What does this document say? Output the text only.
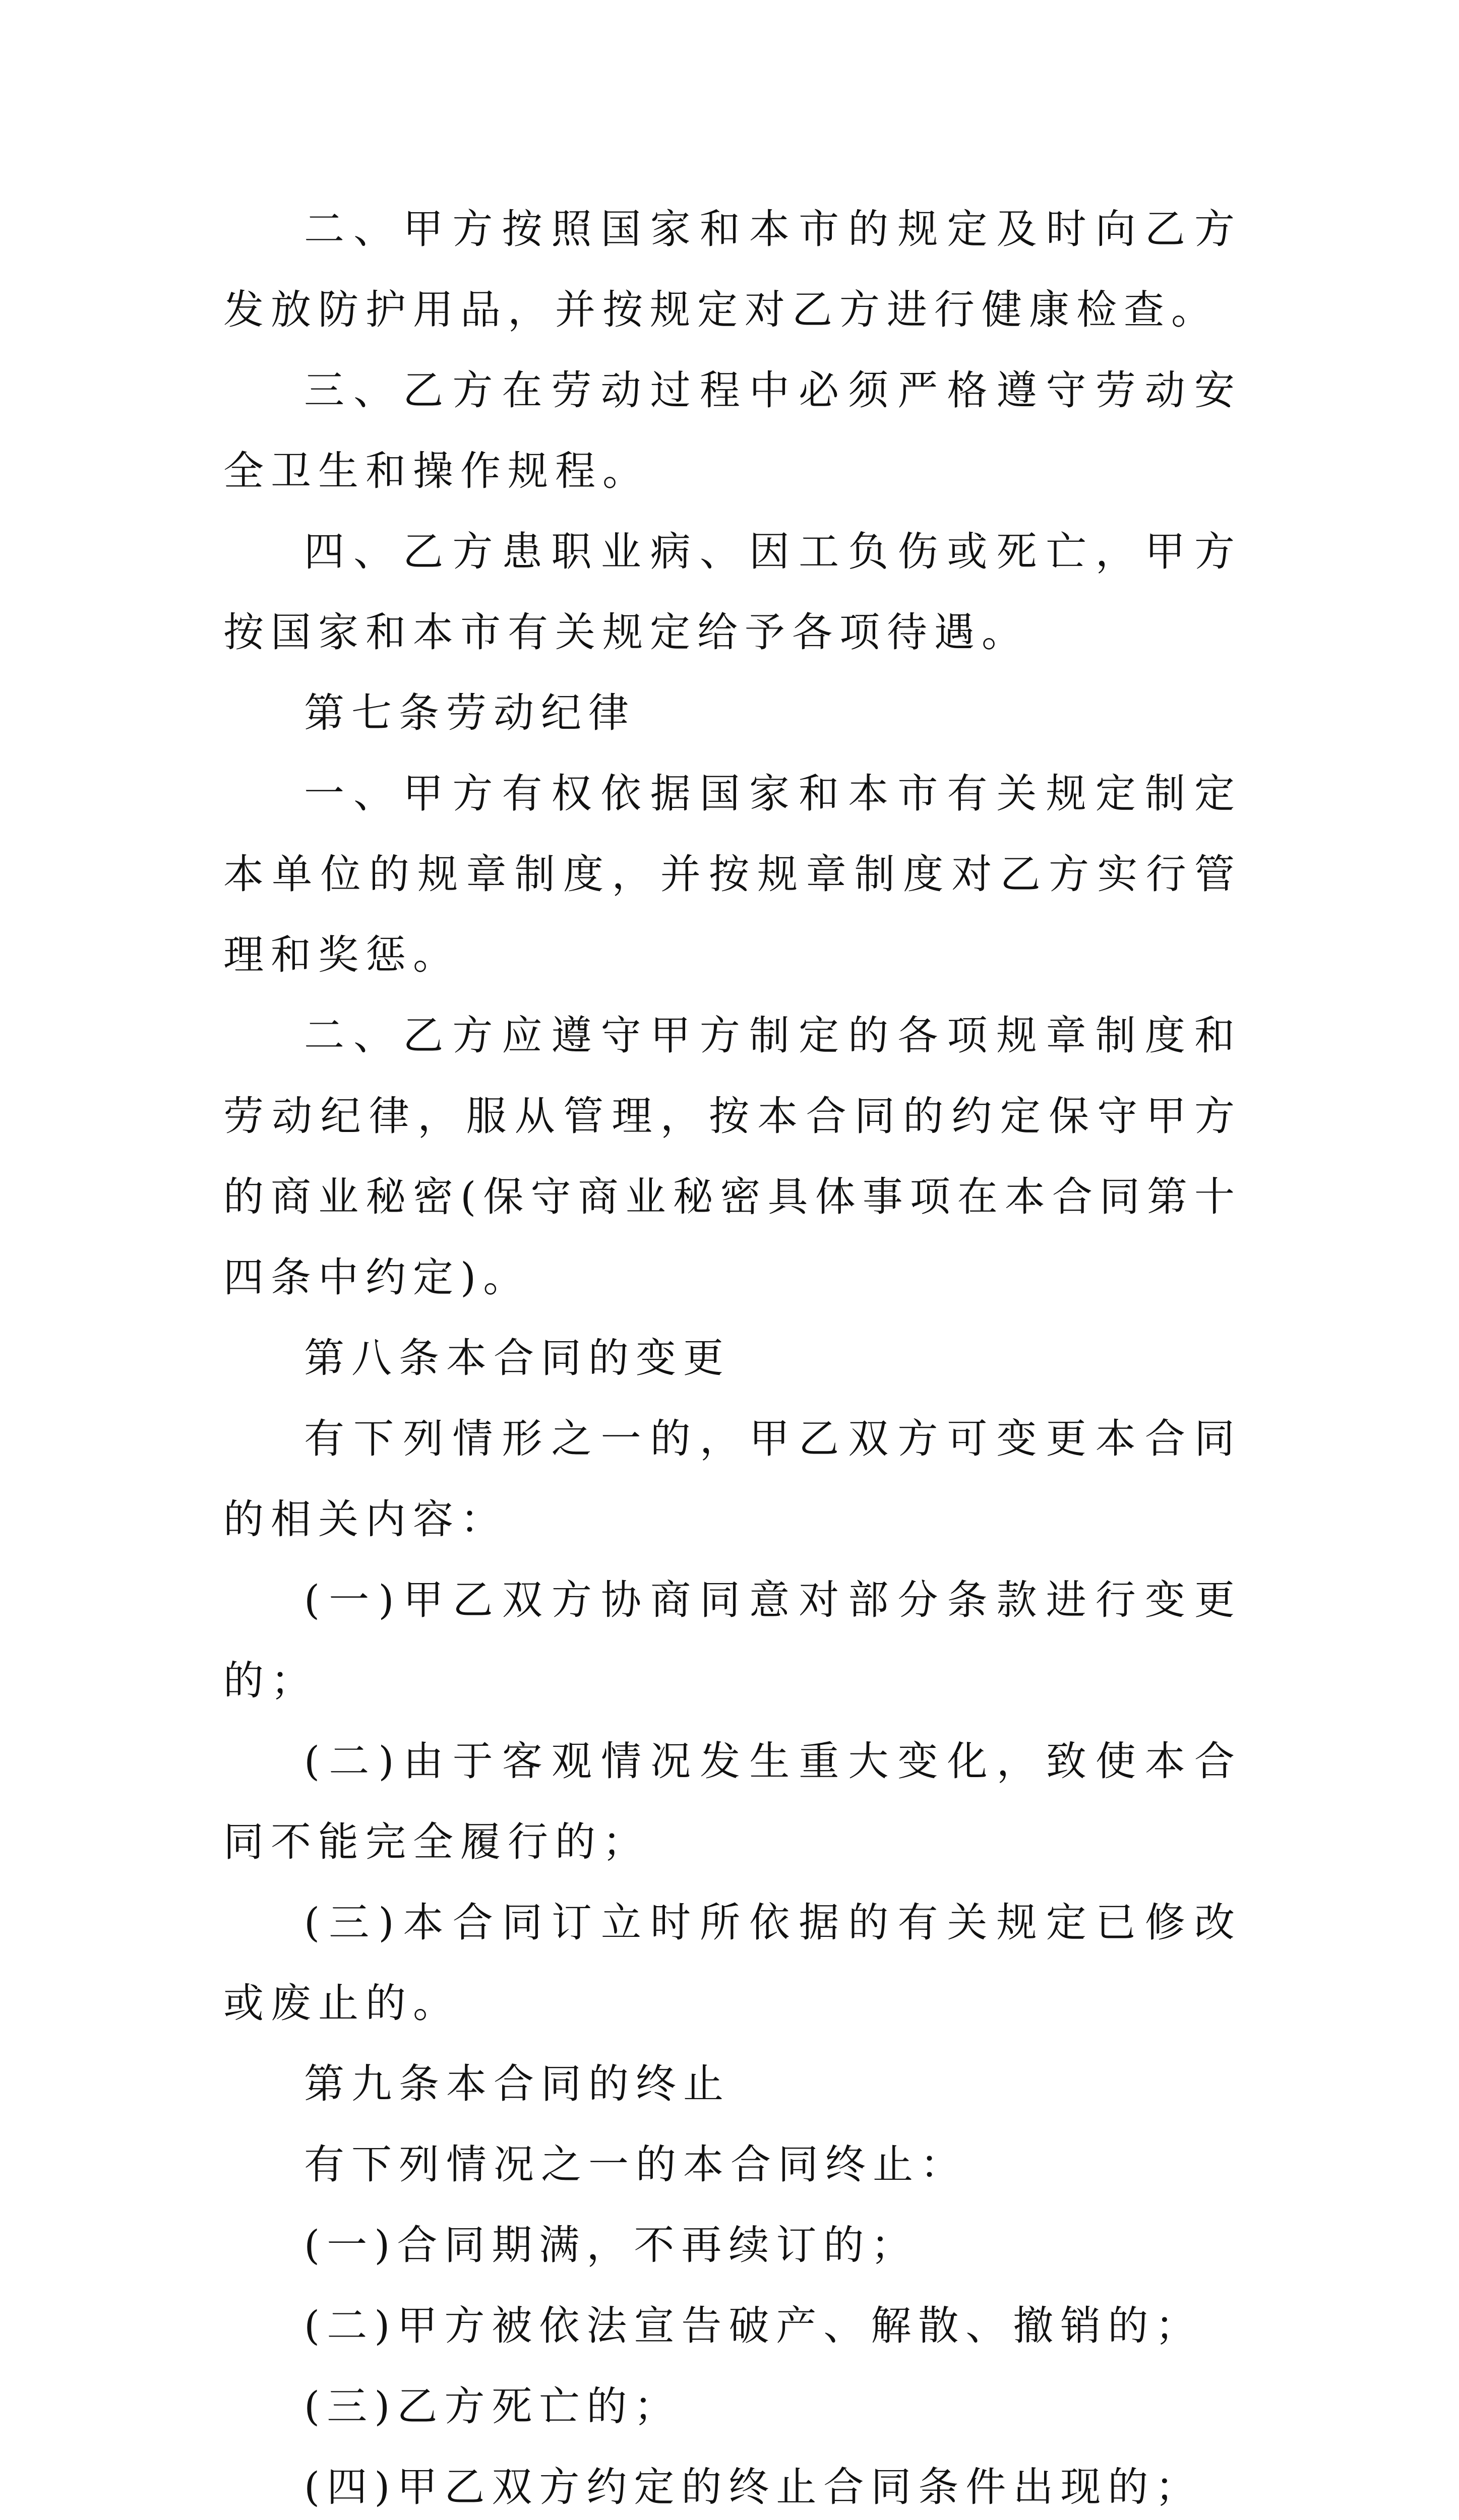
二、甲方按照国家和本市的规定及时向乙方发放防护用品，并按规定对乙方进行健康检查。

三、乙方在劳动过程中必须严格遵守劳动安全卫生和操作规程。

四、乙方患职业病、因工负伤或死亡，甲方按国家和本市有关规定给予各项待遇。

第七条劳动纪律

一、甲方有权依据国家和本市有关规定制定本单位的规章制度，并按规章制度对乙方实行管理和奖惩。

二、乙方应遵守甲方制定的各项规章制度和劳动纪律，服从管理，按本合同的约定保守甲方的商业秘密(保守商业秘密具体事项在本合同第十四条中约定)。

第八条本合同的变更

有下列情形之一的，甲乙双方可变更本合同的相关内容：

(一)甲乙双方协商同意对部分条款进行变更的；

(二)由于客观情况发生重大变化，致使本合同不能完全履行的；

(三)本合同订立时所依据的有关规定已修改或废止的。

第九条本合同的终止

有下列情况之一的本合同终止：

(一)合同期满，不再续订的；

(二)甲方被依法宣告破产、解散、撤销的；

(三)乙方死亡的；

(四)甲乙双方约定的终止合同条件出现的；
